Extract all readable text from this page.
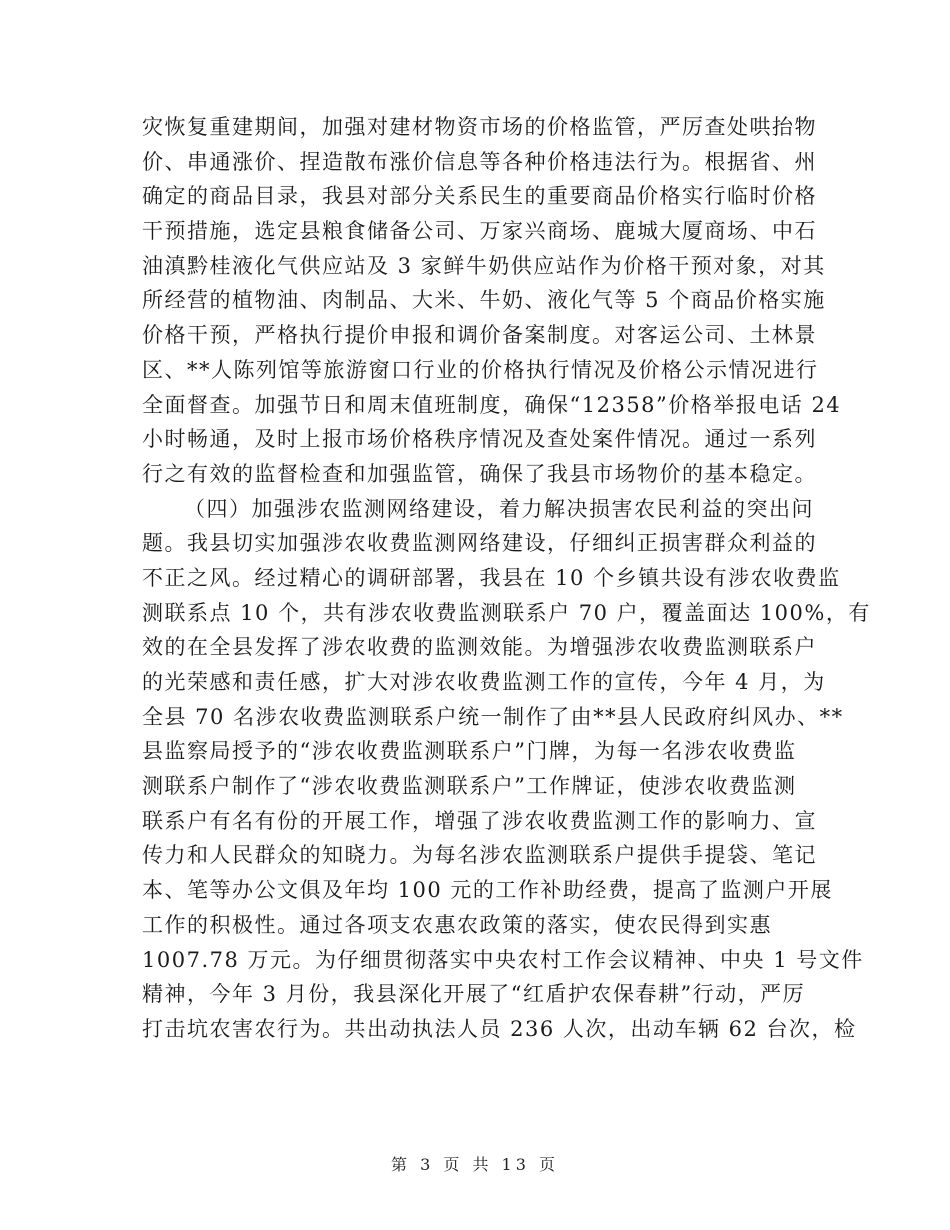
灾恢复重建期间，加强对建材物资市场的价格监管，严厉查处哄抬物
价、串通涨价、捏造散布涨价信息等各种价格违法行为。根据省、州
确定的商品目录，我县对部分关系民生的重要商品价格实行临时价格
干预措施，选定县粮食储备公司、万家兴商场、鹿城大厦商场、中石
油滇黔桂液化气供应站及 3 家鲜牛奶供应站作为价格干预对象，对其
所经营的植物油、肉制品、大米、牛奶、液化气等 5 个商品价格实施
价格干预，严格执行提价申报和调价备案制度。对客运公司、土林景
区、**人陈列馆等旅游窗口行业的价格执行情况及价格公示情况进行
全面督查。加强节日和周末值班制度，确保“12358”价格举报电话 24
小时畅通，及时上报市场价格秩序情况及查处案件情况。通过一系列
行之有效的监督检查和加强监管，确保了我县市场物价的基本稳定。
（四）加强涉农监测网络建设，着力解决损害农民利益的突出问
题。我县切实加强涉农收费监测网络建设，仔细纠正损害群众利益的
不正之风。经过精心的调研部署，我县在 10 个乡镇共设有涉农收费监
测联系点 10 个，共有涉农收费监测联系户 70 户，覆盖面达 100%，有
效的在全县发挥了涉农收费的监测效能。为增强涉农收费监测联系户
的光荣感和责任感，扩大对涉农收费监测工作的宣传，今年 4 月，为
全县 70 名涉农收费监测联系户统一制作了由**县人民政府纠风办、**
县监察局授予的“涉农收费监测联系户”门牌，为每一名涉农收费监
测联系户制作了“涉农收费监测联系户”工作牌证，使涉农收费监测
联系户有名有份的开展工作，增强了涉农收费监测工作的影响力、宣
传力和人民群众的知晓力。为每名涉农监测联系户提供手提袋、笔记
本、笔等办公文俱及年均 100 元的工作补助经费，提高了监测户开展
工作的积极性。通过各项支农惠农政策的落实，使农民得到实惠
1007.78 万元。为仔细贯彻落实中央农村工作会议精神、中央 1 号文件
精神，今年 3 月份，我县深化开展了“红盾护农保春耕”行动，严厉
打击坑农害农行为。共出动执法人员 236 人次，出动车辆 62 台次，检
第 3 页 共 13 页
